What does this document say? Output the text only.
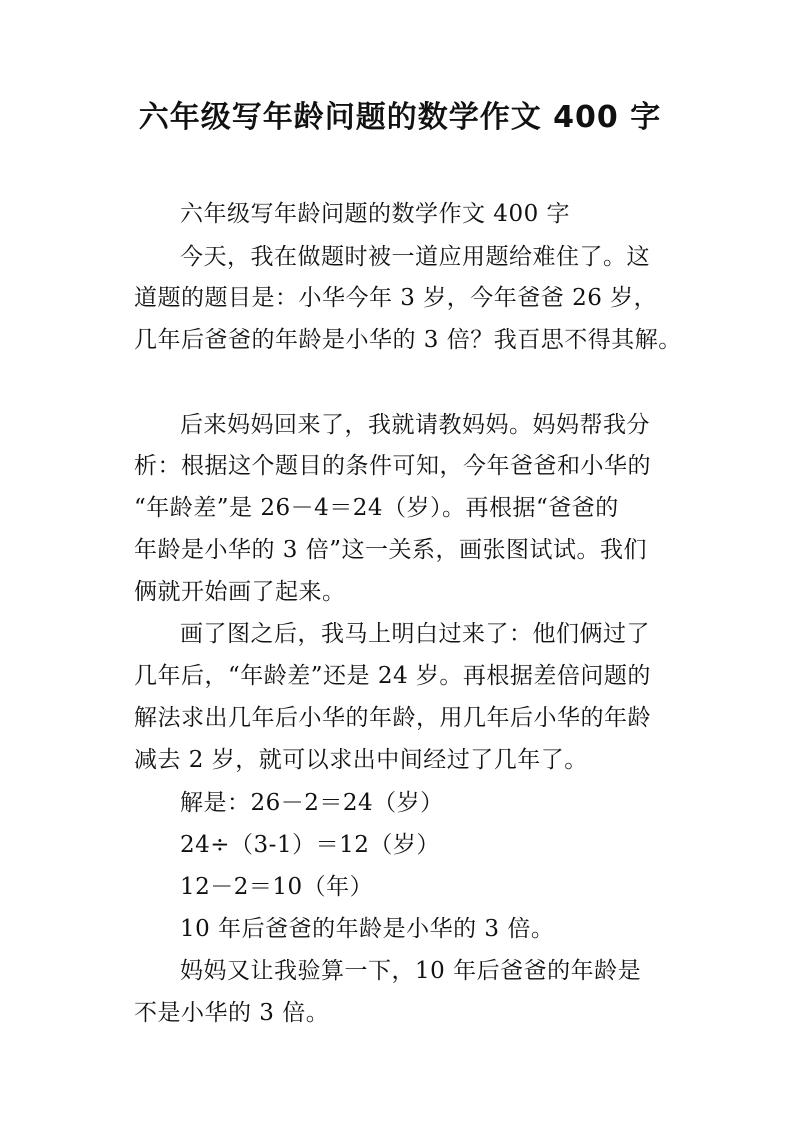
六年级写年龄问题的数学作文 400 字

六年级写年龄问题的数学作文 400 字

今天，我在做题时被一道应用题给难住了。这

道题的题目是：小华今年 3 岁，今年爸爸 26 岁，

几年后爸爸的年龄是小华的 3 倍？我百思不得其解。

后来妈妈回来了，我就请教妈妈。妈妈帮我分

析：根据这个题目的条件可知，今年爸爸和小华的

“年龄差”是 26－4＝24（岁）。再根据“爸爸的

年龄是小华的 3 倍”这一关系，画张图试试。我们

俩就开始画了起来。

画了图之后，我马上明白过来了：他们俩过了

几年后，“年龄差”还是 24 岁。再根据差倍问题的

解法求出几年后小华的年龄，用几年后小华的年龄

减去 2 岁，就可以求出中间经过了几年了。

解是：26－2＝24（岁）

24÷（3-1）＝12（岁）

12－2＝10（年）

10 年后爸爸的年龄是小华的 3 倍。

妈妈又让我验算一下，10 年后爸爸的年龄是

不是小华的 3 倍。
